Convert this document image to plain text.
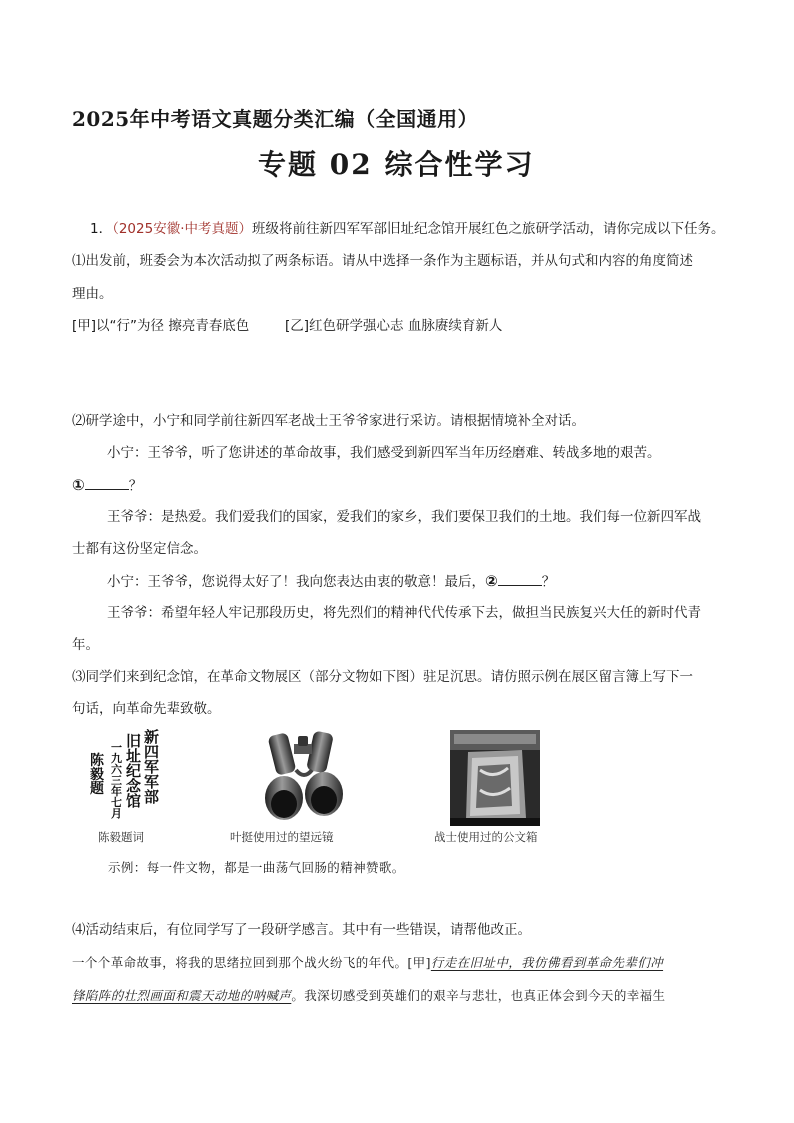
2025年中考语文真题分类汇编（全国通用）
专题 02 综合性学习
1．（2025安徽·中考真题）班级将前往新四军军部旧址纪念馆开展红色之旅研学活动，请你完成以下任务。
⑴出发前，班委会为本次活动拟了两条标语。请从中选择一条作为主题标语，并从句式和内容的角度简述
理由。
[甲]以“行”为径 擦亮青春底色	[乙]红色研学强心志 血脉赓续育新人
⑵研学途中，小宁和同学前往新四军老战士王爷爷家进行采访。请根据情境补全对话。
小宁：王爷爷，听了您讲述的革命故事，我们感受到新四军当年历经磨难、转战多地的艰苦。
①	？
王爷爷：是热爱。我们爱我们的国家，爱我们的家乡，我们要保卫我们的土地。我们每一位新四军战
士都有这份坚定信念。
小宁：王爷爷，您说得太好了！我向您表达由衷的敬意！最后，②	？
王爷爷：希望年轻人牢记那段历史，将先烈们的精神代代传承下去，做担当民族复兴大任的新时代青
年。
⑶同学们来到纪念馆，在革命文物展区（部分文物如下图）驻足沉思。请仿照示例在展区留言簿上写下一
句话，向革命先辈致敬。
新四军军部
旧址纪念馆
一九六三年七月
陈毅题
陈毅题词	叶挺使用过的望远镜	战士使用过的公文箱
示例：每一件文物，都是一曲荡气回肠的精神赞歌。
⑷活动结束后，有位同学写了一段研学感言。其中有一些错误，请帮他改正。
一个个革命故事，将我的思绪拉回到那个战火纷飞的年代。[甲]行走在旧址中，我仿佛看到革命先辈们冲
锋陷阵的壮烈画面和震天动地的呐喊声。我深切感受到英雄们的艰辛与悲壮，也真正体会到今天的幸福生
